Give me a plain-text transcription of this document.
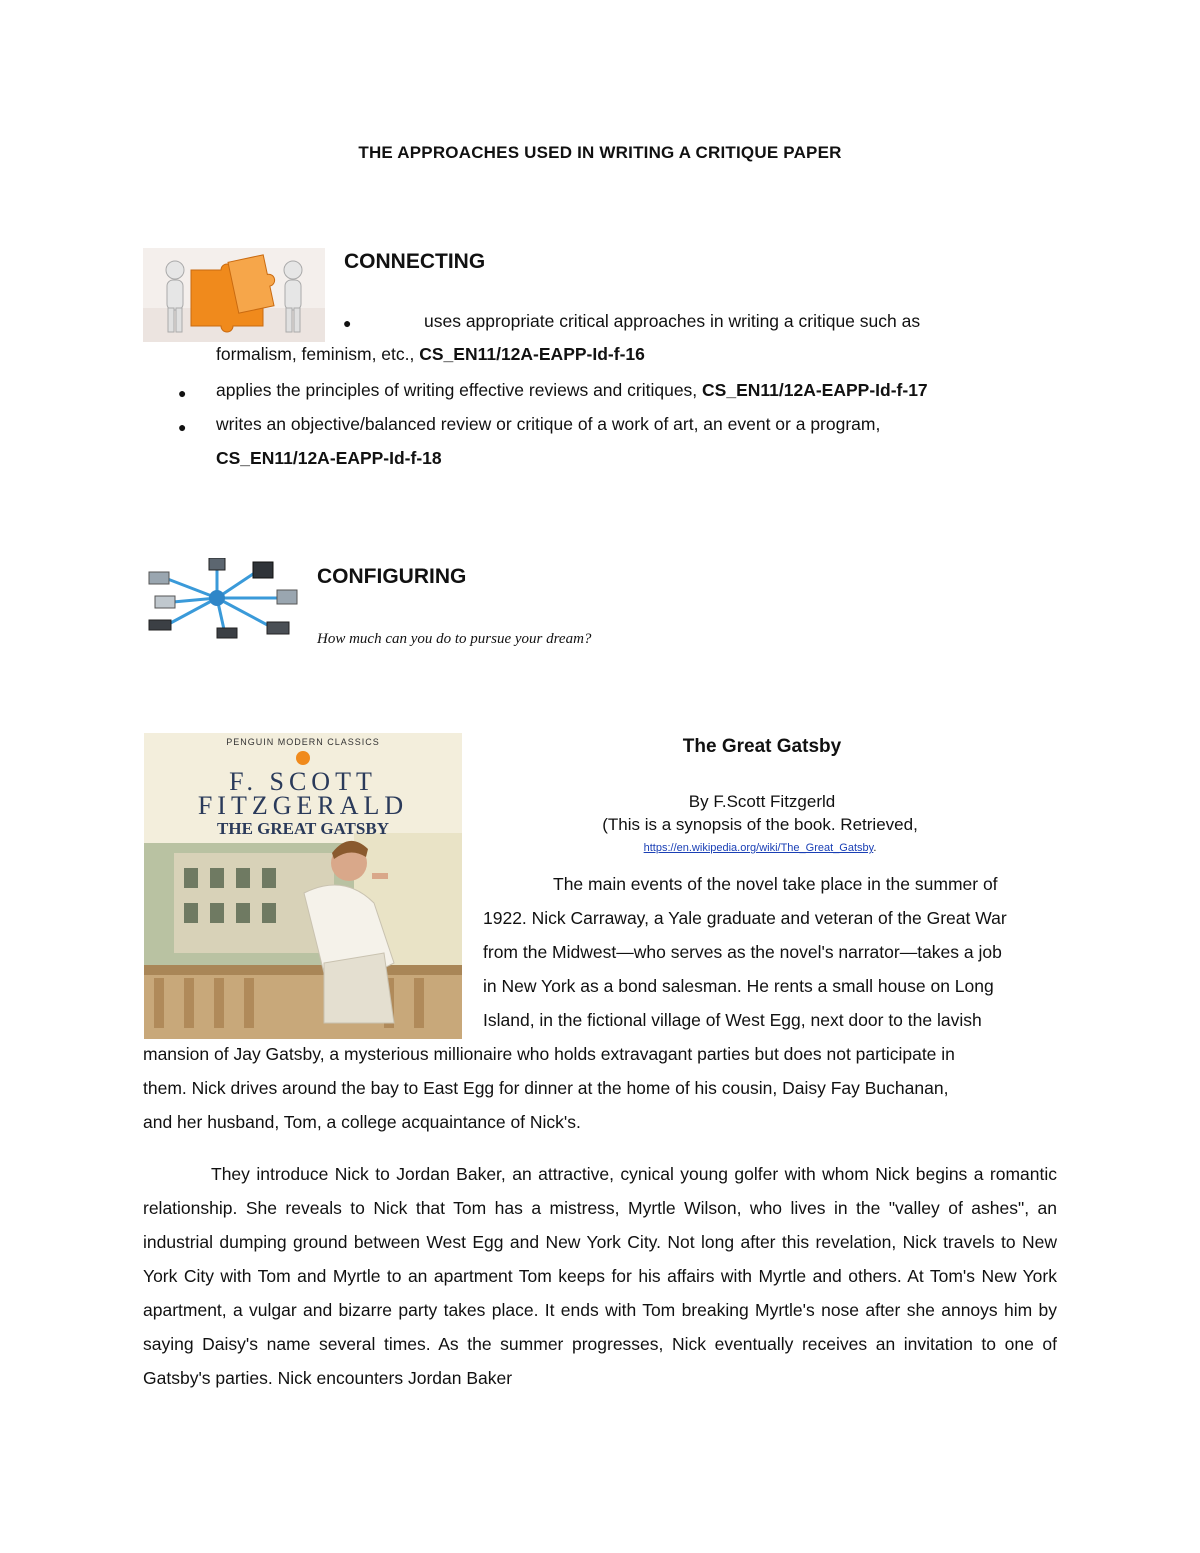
THE APPROACHES USED IN WRITING A CRITIQUE PAPER
CONNECTING
●	uses appropriate critical approaches in writing a critique such as
formalism, feminism, etc., CS_EN11/12A-EAPP-Id-f-16
● applies the principles of writing effective reviews and critiques, CS_EN11/12A-EAPP-Id-f-17
● writes an objective/balanced review or critique of a work of art, an event or a program,
CS_EN11/12A-EAPP-Id-f-18
CONFIGURING
How much can you do to pursue your dream?
PENGUIN MODERN CLASSICS
F. SCOTT
FITZGERALD
THE GREAT GATSBY
The Great Gatsby
By F.Scott Fitzgerld
(This is a synopsis of the book. Retrieved,
https://en.wikipedia.org/wiki/The_Great_Gatsby.
The main events of the novel take place in the summer of
1922. Nick Carraway, a Yale graduate and veteran of the Great War
from the Midwest—who serves as the novel's narrator—takes a job
in New York as a bond salesman. He rents a small house on Long
Island, in the fictional village of West Egg, next door to the lavish
mansion of Jay Gatsby, a mysterious millionaire who holds extravagant parties but does not participate in
them. Nick drives around the bay to East Egg for dinner at the home of his cousin, Daisy Fay Buchanan,
and her husband, Tom, a college acquaintance of Nick's.
They introduce Nick to Jordan Baker, an attractive, cynical young golfer with whom Nick begins a romantic relationship. She reveals to Nick that Tom has a mistress, Myrtle Wilson, who lives in the "valley of ashes", an industrial dumping ground between West Egg and New York City. Not long after this revelation, Nick travels to New York City with Tom and Myrtle to an apartment Tom keeps for his affairs with Myrtle and others. At Tom's New York apartment, a vulgar and bizarre party takes place. It ends with Tom breaking Myrtle's nose after she annoys him by saying Daisy's name several times. As the summer progresses, Nick eventually receives an invitation to one of Gatsby's parties. Nick encounters Jordan Baker
